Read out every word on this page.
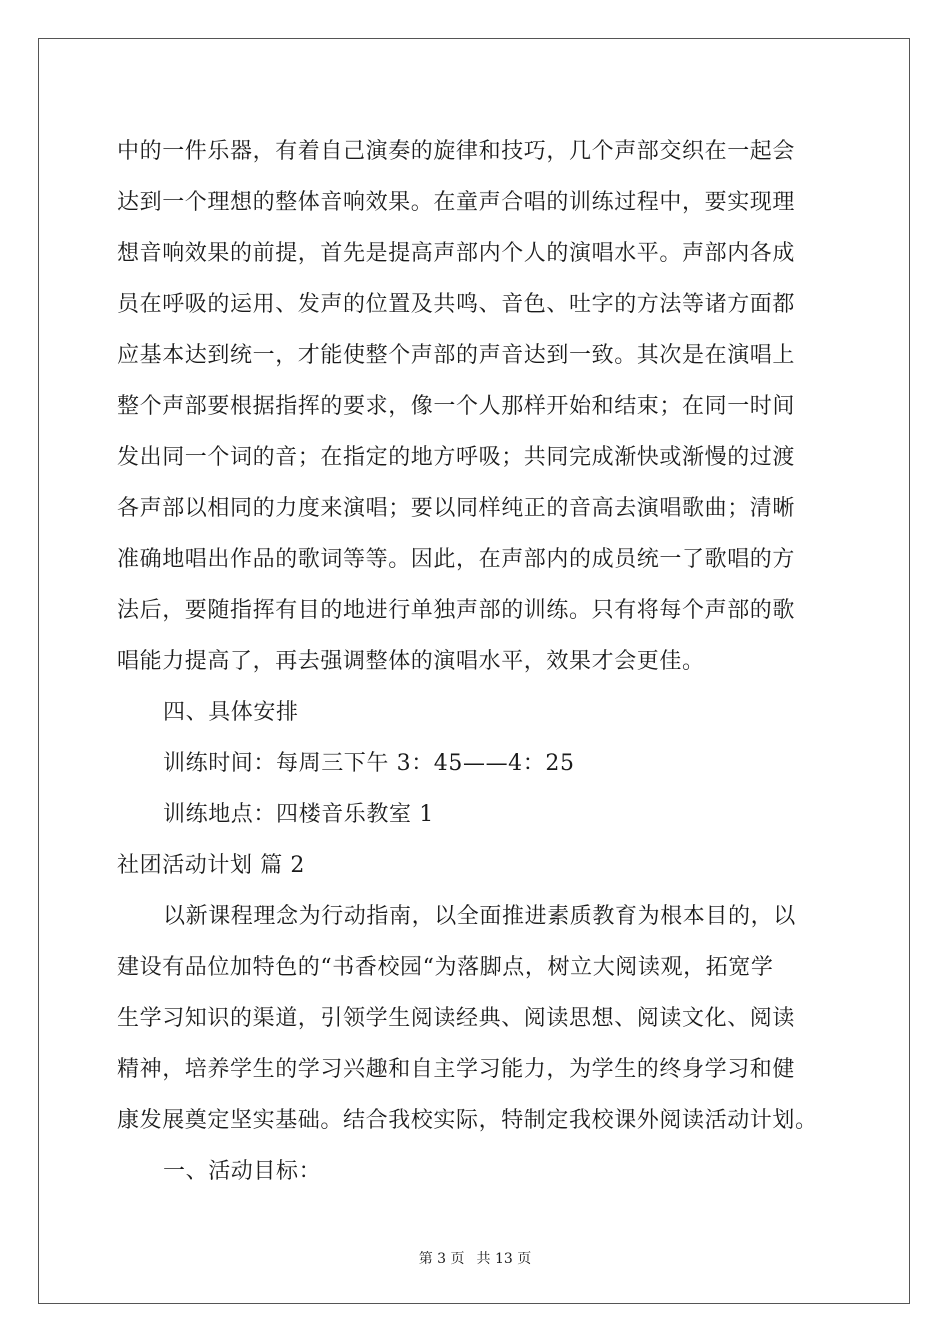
中的一件乐器，有着自己演奏的旋律和技巧，几个声部交织在一起会
达到一个理想的整体音响效果。在童声合唱的训练过程中，要实现理
想音响效果的前提，首先是提高声部内个人的演唱水平。声部内各成
员在呼吸的运用、发声的位置及共鸣、音色、吐字的方法等诸方面都
应基本达到统一，才能使整个声部的声音达到一致。其次是在演唱上
整个声部要根据指挥的要求，像一个人那样开始和结束；在同一时间
发出同一个词的音；在指定的地方呼吸；共同完成渐快或渐慢的过渡
各声部以相同的力度来演唱；要以同样纯正的音高去演唱歌曲；清晰
准确地唱出作品的歌词等等。因此，在声部内的成员统一了歌唱的方
法后，要随指挥有目的地进行单独声部的训练。只有将每个声部的歌
唱能力提高了，再去强调整体的演唱水平，效果才会更佳。
四、具体安排
训练时间：每周三下午 3：45——4：25
训练地点：四楼音乐教室 1
社团活动计划 篇 2
以新课程理念为行动指南，以全面推进素质教育为根本目的，以
建设有品位加特色的“书香校园“为落脚点，树立大阅读观，拓宽学
生学习知识的渠道，引领学生阅读经典、阅读思想、阅读文化、阅读
精神，培养学生的学习兴趣和自主学习能力，为学生的终身学习和健
康发展奠定坚实基础。结合我校实际，特制定我校课外阅读活动计划。
一、活动目标：
第 3 页 共 13 页
